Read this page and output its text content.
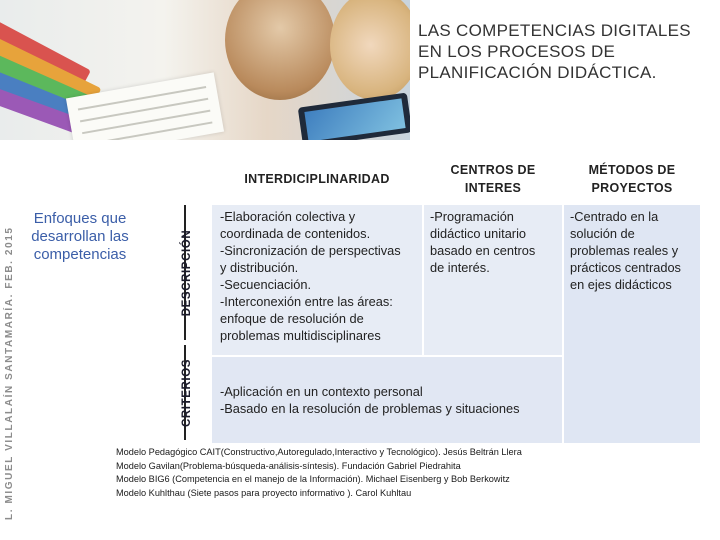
LAS COMPETENCIAS DIGITALES EN LOS PROCESOS DE PLANIFICACIÓN DIDÁCTICA.
L. MIGUEL VILLALAÍN SANTAMARÍA. FEB. 2015
Enfoques que desarrollan las competencias	DESCRIPCIÓN
CRITERIOS
INTERDICIPLINARIDAD
CENTROS DE INTERES
MÉTODOS DE PROYECTOS
-Elaboración colectiva y
coordinada de contenidos.
-Sincronización de perspectivas
y distribución.
-Secuenciación.
-Interconexión entre las áreas:
enfoque de resolución de
problemas multidisciplinares
-Programación
didáctico unitario
basado en centros
de interés.
-Centrado en la
solución de
problemas reales y
prácticos centrados
en ejes didácticos
-Aplicación en un contexto personal
-Basado en la resolución de problemas y situaciones
Modelo Pedagógico CAIT(Constructivo,Autoregulado,Interactivo y Tecnológico). Jesús Beltrán Llera
Modelo Gavilan(Problema-búsqueda-análisis-síntesis). Fundación Gabriel Piedrahita
Modelo BIG6 (Competencia en el manejo de la Información). Michael Eisenberg y Bob Berkowitz
Modelo Kuhlthau (Siete pasos para proyecto informativo ). Carol Kuhltau
